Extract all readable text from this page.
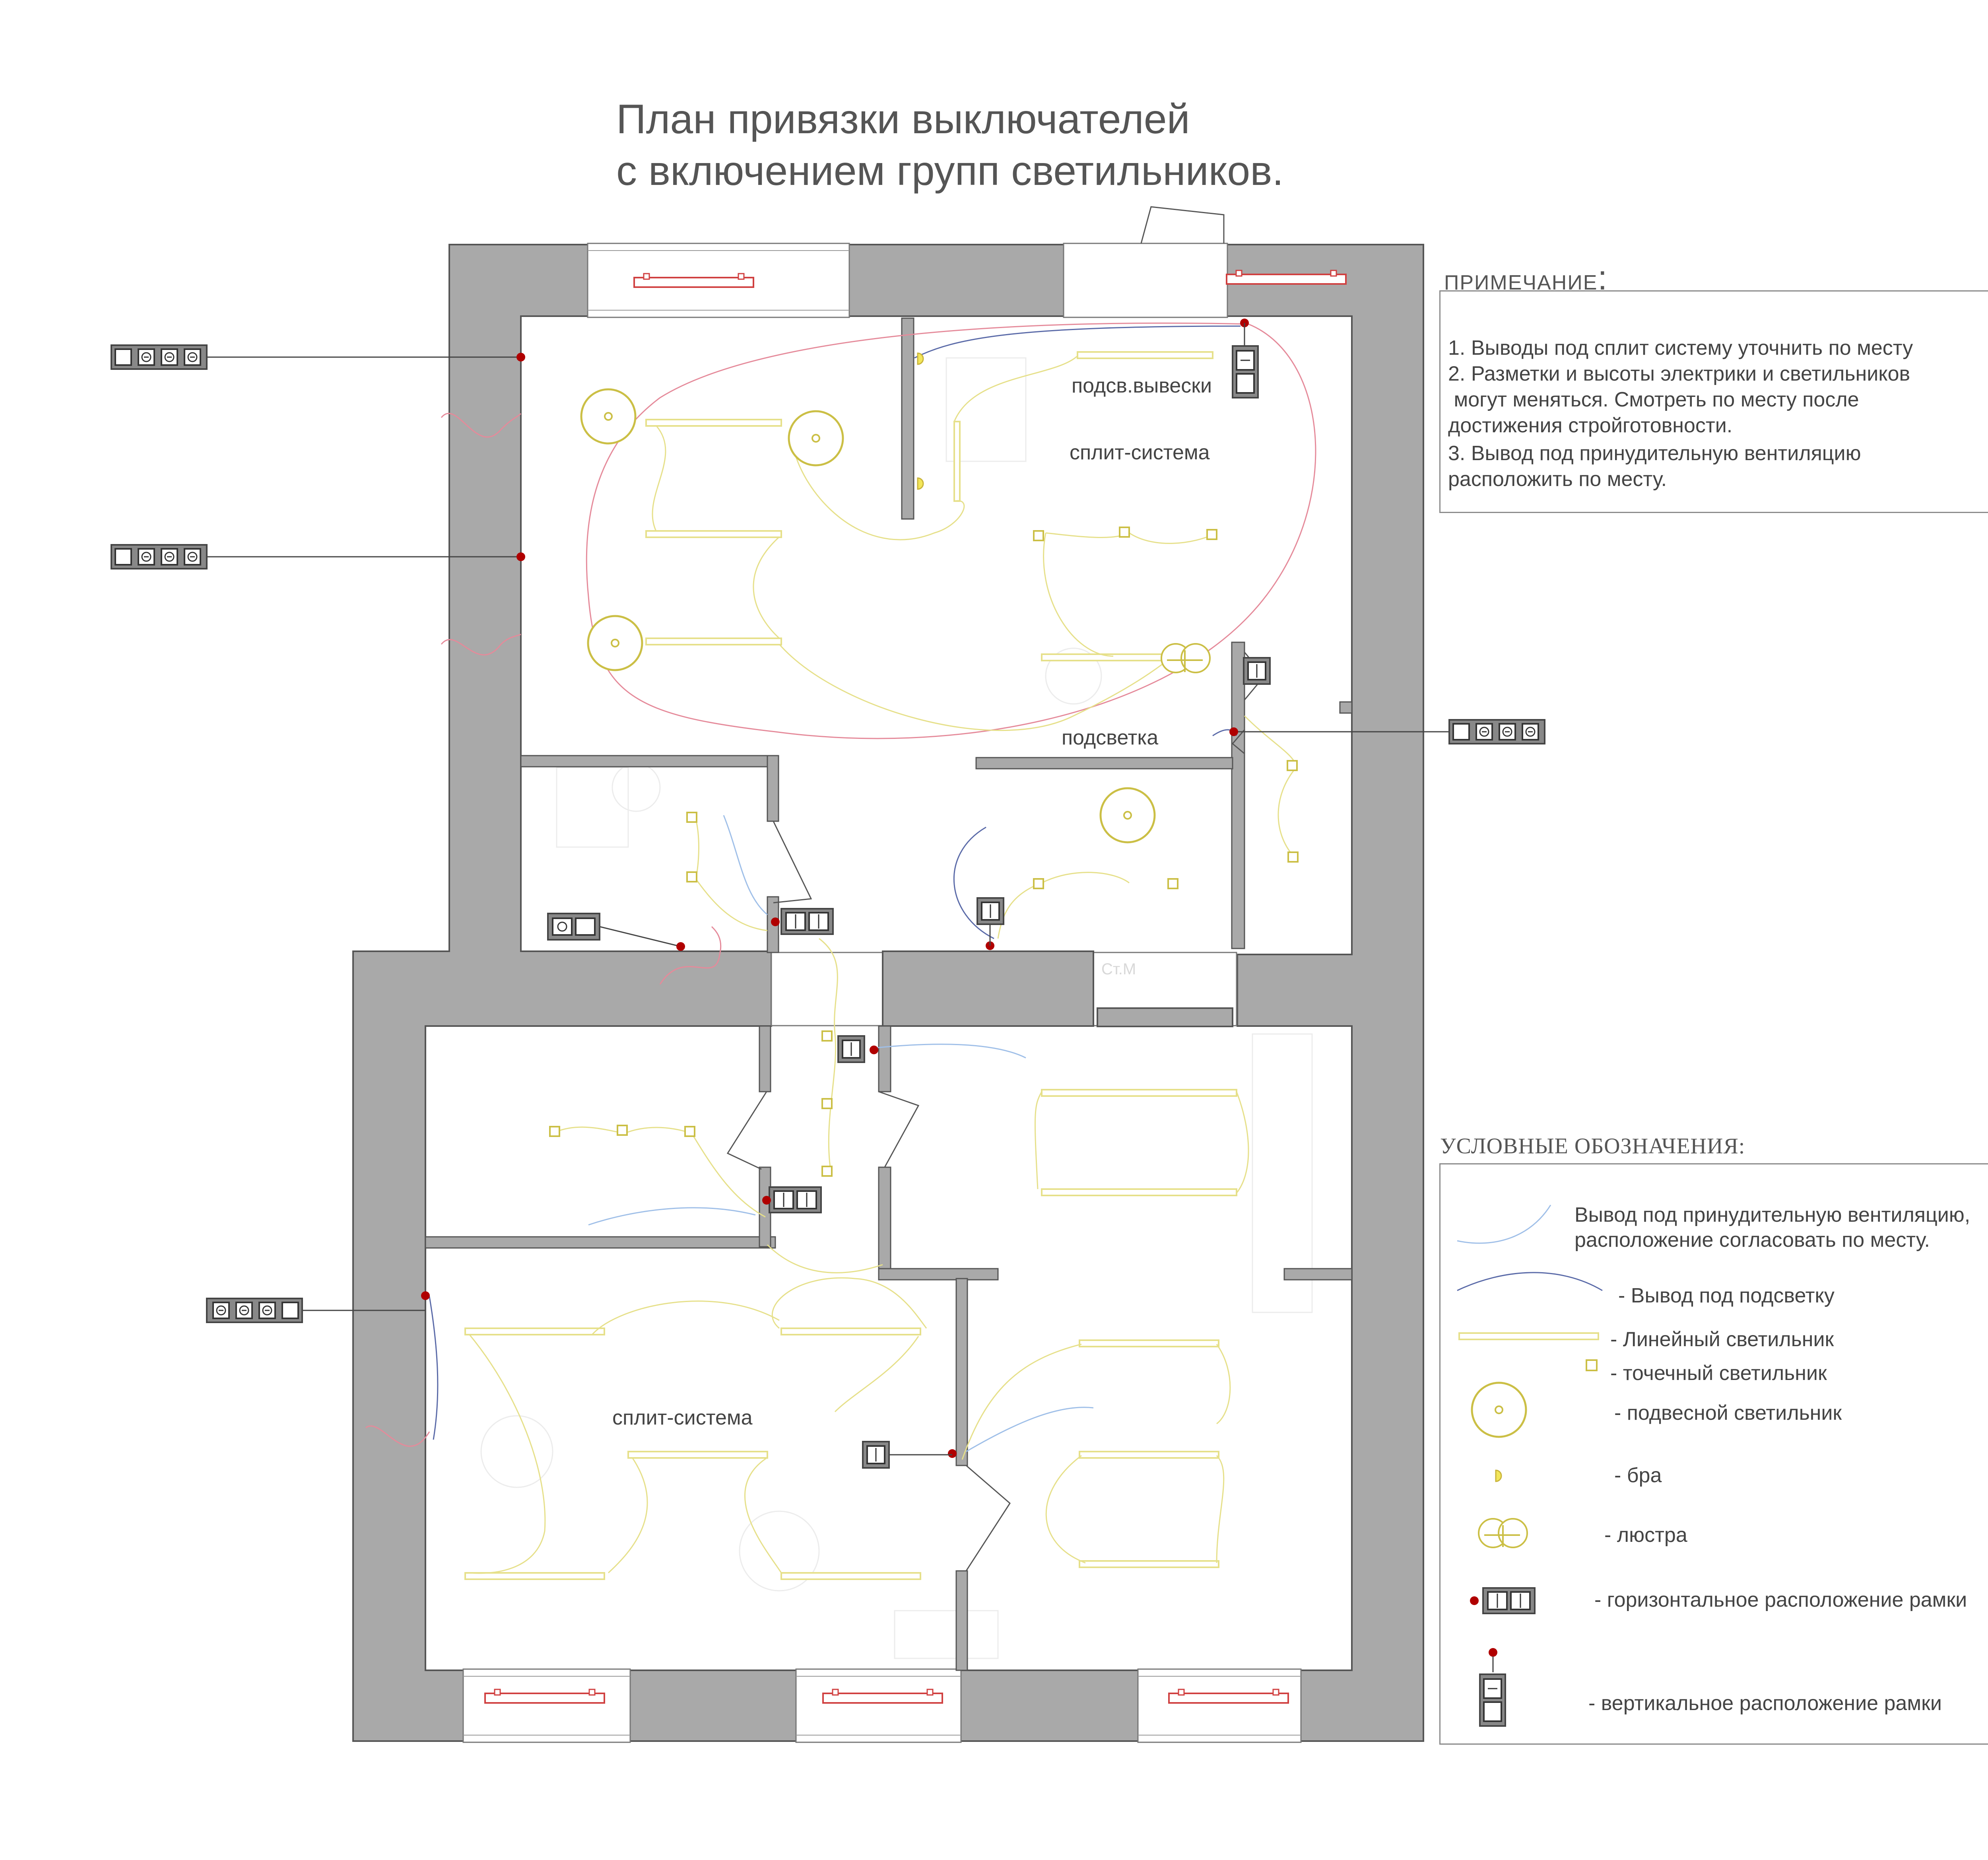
План привязки выключателей
с включением групп светильников.
ПРИМЕЧАНИЕ:
1. Выводы под сплит систему уточнить по месту
2. Разметки и высоты электрики и светильников
могут меняться. Смотреть по месту после
достижения стройготовности.
3. Вывод под принудительную вентиляцию
расположить по месту.
подсв.вывески
сплит-система
подсветка
сплит-система
Ст.М
УСЛОВНЫЕ ОБОЗНАЧЕНИЯ:
Вывод под принудительную вентиляцию,
расположение согласовать по месту.
- Вывод под подсветку
- Линейный светильник
- точечный светильник
- подвесной светильник
- бра
- люстра
- горизонтальное расположение рамки
- вертикальное расположение рамки
